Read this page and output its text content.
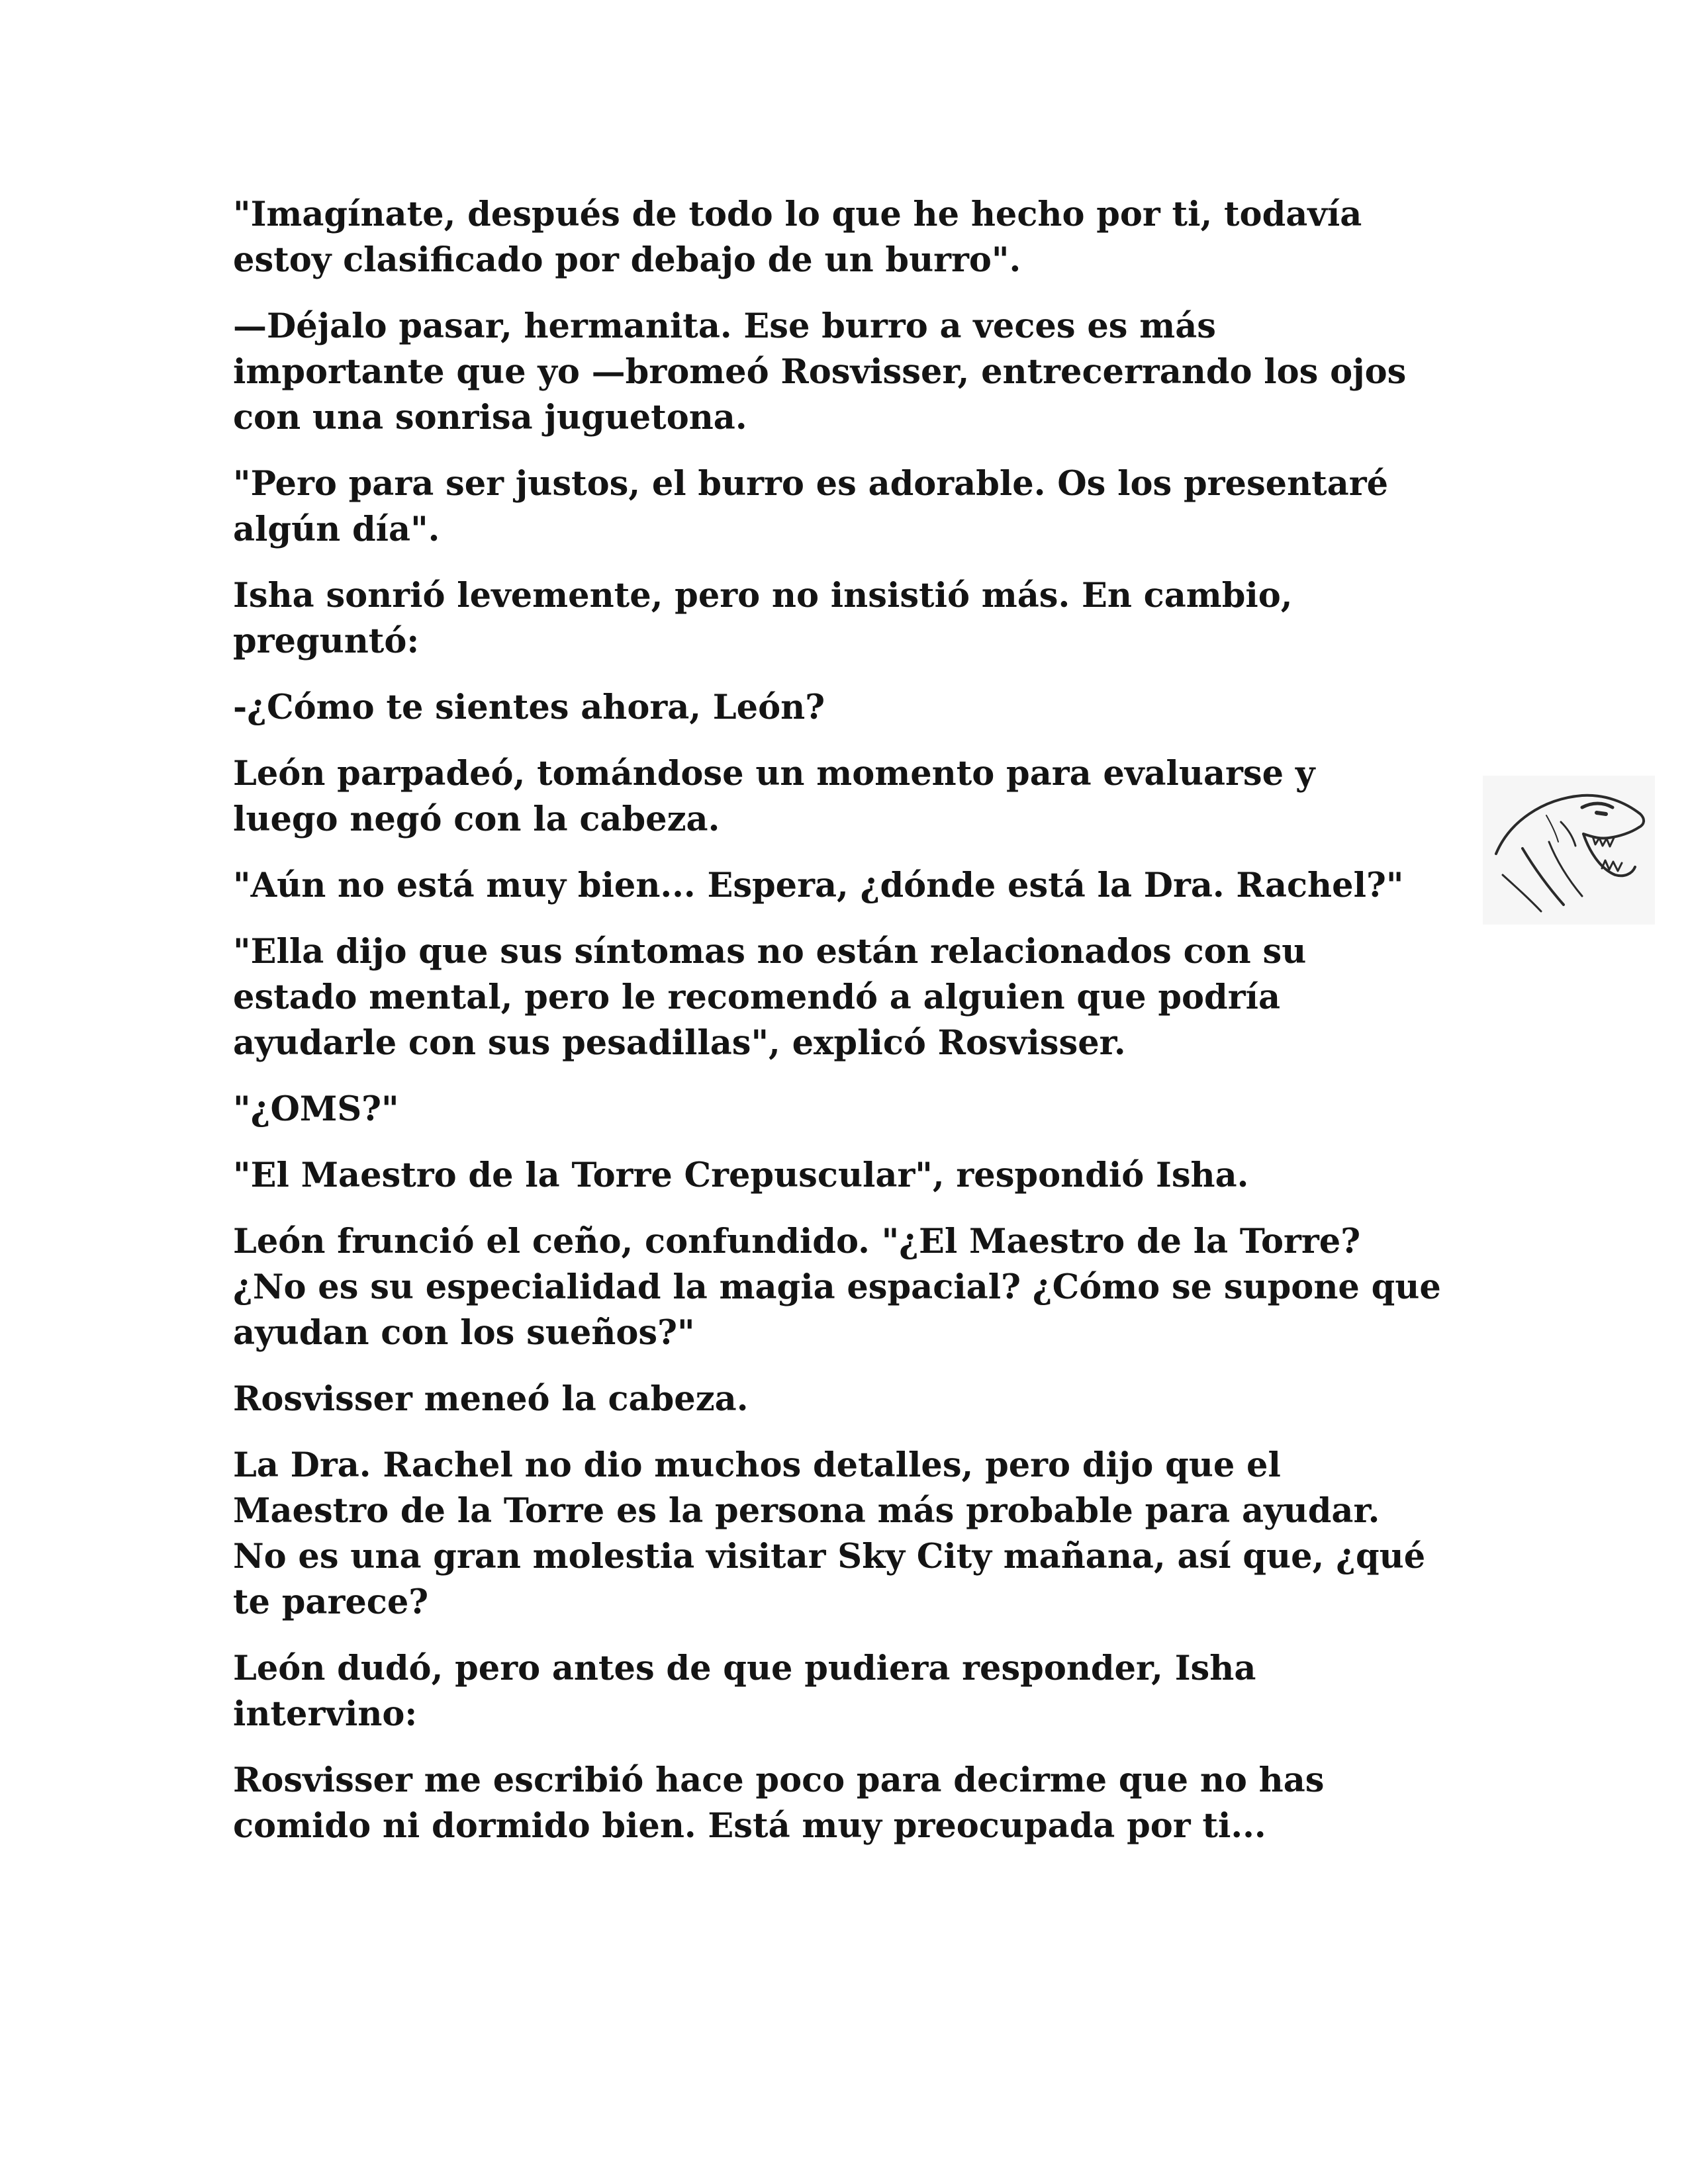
"Imagínate, después de todo lo que he hecho por ti, todavía
estoy clasificado por debajo de un burro".

—Déjalo pasar, hermanita. Ese burro a veces es más
importante que yo —bromeó Rosvisser, entrecerrando los ojos
con una sonrisa juguetona.

"Pero para ser justos, el burro es adorable. Os los presentaré
algún día".

Isha sonrió levemente, pero no insistió más. En cambio,
preguntó:

-¿Cómo te sientes ahora, León?

León parpadeó, tomándose un momento para evaluarse y
luego negó con la cabeza.

"Aún no está muy bien... Espera, ¿dónde está la Dra. Rachel?"

"Ella dijo que sus síntomas no están relacionados con su
estado mental, pero le recomendó a alguien que podría
ayudarle con sus pesadillas", explicó Rosvisser.

"¿OMS?"

"El Maestro de la Torre Crepuscular", respondió Isha.

León frunció el ceño, confundido. "¿El Maestro de la Torre?
¿No es su especialidad la magia espacial? ¿Cómo se supone que
ayudan con los sueños?"

Rosvisser meneó la cabeza.

La Dra. Rachel no dio muchos detalles, pero dijo que el
Maestro de la Torre es la persona más probable para ayudar.
No es una gran molestia visitar Sky City mañana, así que, ¿qué
te parece?

León dudó, pero antes de que pudiera responder, Isha
intervino:

Rosvisser me escribió hace poco para decirme que no has
comido ni dormido bien. Está muy preocupada por ti...
